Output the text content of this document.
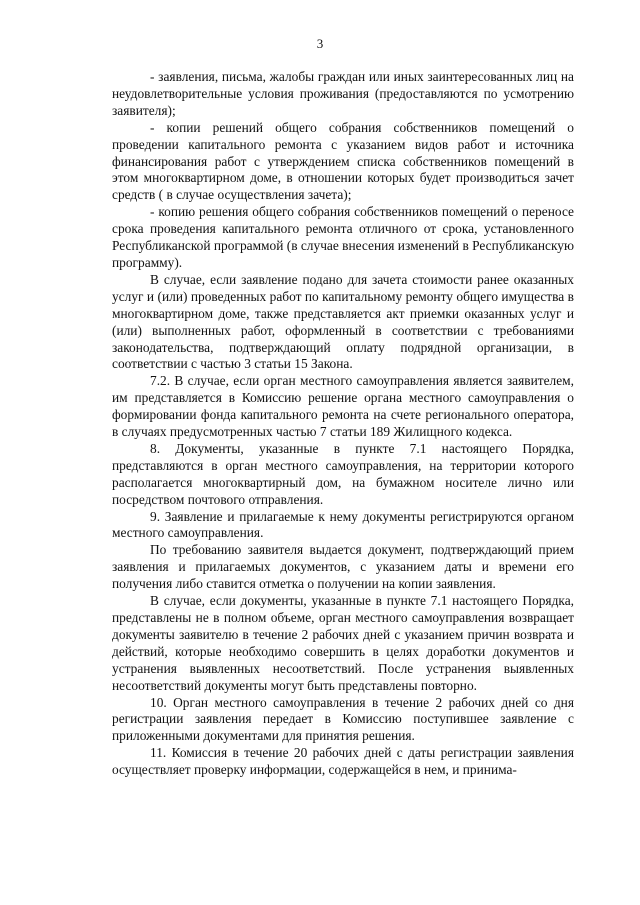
3

- заявления, письма, жалобы граждан или иных заинтересованных лиц на неудовлетворительные условия проживания (предоставляются по усмотрению заявителя);

- копии решений общего собрания собственников помещений о проведении капитального ремонта с указанием видов работ и источника финансирования работ с утверждением списка собственников помещений в этом многоквартирном доме, в отношении которых будет производиться зачет средств ( в случае осуществления зачета);

- копию решения общего собрания собственников помещений о переносе срока проведения капитального ремонта отличного от срока, установленного Республиканской программой (в случае внесения изменений в Республиканскую программу).

В случае, если заявление подано для зачета стоимости ранее оказанных услуг и (или) проведенных работ по капитальному ремонту общего имущества в многоквартирном доме, также представляется акт приемки оказанных услуг и (или) выполненных работ, оформленный в соответствии с требованиями законодательства, подтверждающий оплату подрядной организации, в соответствии с частью 3 статьи 15 Закона.

7.2. В случае, если орган местного самоуправления является заявителем, им представляется в Комиссию решение органа местного самоуправления о формировании фонда капитального ремонта на счете регионального оператора, в случаях предусмотренных частью 7 статьи 189 Жилищного кодекса.

8. Документы, указанные в пункте 7.1 настоящего Порядка, представляются в орган местного самоуправления, на территории которого располагается многоквартирный дом, на бумажном носителе лично или посредством почтового отправления.

9. Заявление и прилагаемые к нему документы регистрируются органом местного самоуправления.

По требованию заявителя выдается документ, подтверждающий прием заявления и прилагаемых документов, с указанием даты и времени его получения либо ставится отметка о получении на копии заявления.

В случае, если документы, указанные в пункте 7.1 настоящего Порядка, представлены не в полном объеме, орган местного самоуправления возвращает документы заявителю в течение 2 рабочих дней с указанием причин возврата и действий, которые необходимо совершить в целях доработки документов и устранения выявленных несоответствий. После устранения выявленных несоответствий документы могут быть представлены повторно.

10. Орган местного самоуправления в течение 2 рабочих дней со дня регистрации заявления передает в Комиссию поступившее заявление с приложенными документами для принятия решения.

11. Комиссия в течение 20 рабочих дней с даты регистрации заявления осуществляет проверку информации, содержащейся в нем, и принима-
